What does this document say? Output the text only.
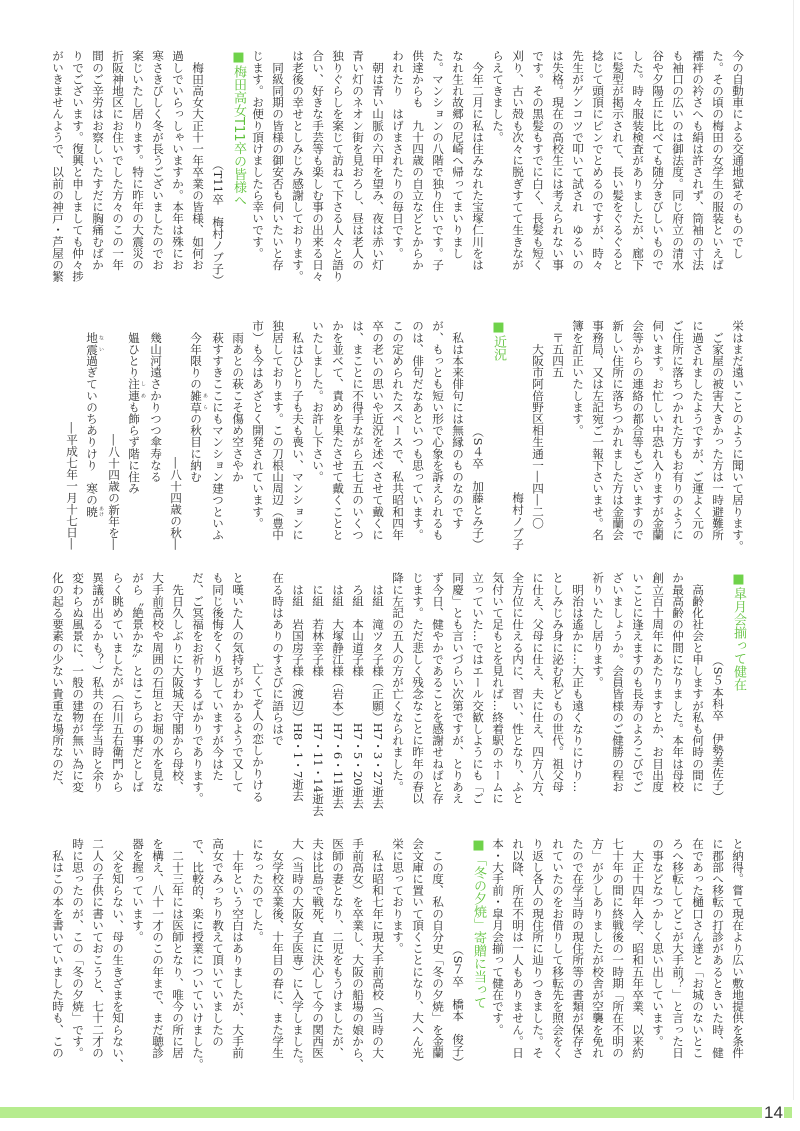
今の自動車による交通地獄そのものでし
た。その頃の梅田の女学生の服装といえば
襦袢の衿さへも絹は許されず、筒袖の寸法
も袖口の広いのは御法度。同じ府立の清水
谷や夕陽丘に比べても随分きびしいもので
した。時々服装検査がありましたが、廊下
に髪型が掲示されて、長い髪をぐるぐると
捻じて頭頂にピンでとめるのですが、時々
先生がゲンコツで叩いて試され　ゆるいの
は失格。現在の高校生には考えられない事
です。その黒髪もすでに白く、長髪も短く
刈り、古い殻も次々に脱ぎすてて生きなが
らえてきました。
　今年二月に私は住みなれた宝塚仁川をは
なれ生れ故郷の尼崎へ帰ってまいりまし
た。マンションの八階で独り住いです。子
供達からも　九十四歳の自立などとからか
われたり　はげまされたりの毎日です。
　朝は青い山脈の六甲を望み、夜は赤い灯
青い灯のネオン街を見おろし、昼は老人の
独りぐらしを案じて訪ねて下さる人々と語り
合い、好きな手芸等も楽しむ事の出来る日々
は老後の幸せとしみじみ感謝しております。
　同級同期の皆様の御安否も伺いたいと存
じます。お便り頂けましたら幸いです。
■梅田高女T11卒の皆様へ
（T11卒　梅村ノブ子）　　
　梅田高女大正十一年卒業の皆様、如何お
過しでいらっしゃいますか。本年は殊にお
寒さきびしく冬が長うございましたのでお
案じいたし居ります。特に昨年の大震災の
折阪神地区にお住いでした方々のこの一年
間のご辛労はお察しいたすだに胸痛むばか
りでございます。復興と申しましても仲々捗
がいきませんようで、以前の神戸・芦屋の繁
栄はまだ遠いことのように聞いて居ります。
　ご家屋の被害大きかった方は一時避難所
に過されましたようですが、ご運よく元の
ご住所に落ちつかれた方もお有りのように
伺います。お忙しい中恐れ入りますが金蘭
会等からの連絡の都合等もございますので
新しい住所に落ちつかれました方は金蘭会
事務局、又は左記宛ご一報下さいませ。名
簿を訂正いたします。
　〒五四五
　　大阪市阿倍野区相生通一―四―二〇
梅村ノブ子　
■近況
（S４卒　加藤とみ子）
　私は本来俳句には無縁のものなのです
が、もっとも短い形で心象を訴えられるも
のは、俳句だなあといつも思っています。
この定められたスペースで、私共昭和四年
卒の老いの思いや近況を述べさせて戴くに
は、まことに不得手ながら五七五のいくつ
かを並べて、責めを果たさせて戴くことと
いたしました。お許し下さい。
　私はひとり子も夫も喪い、マンションに
独居しております。この刀根山周辺（豊中
市）も今はあざとく開発されています。
　雨あとの萩こそ傷め空さやか
　萩すすきここにもマンション建つといふ
　今年限りの雑草 あらの秋目に納む
―八十四歳の秋―　　
　幾山河遠さかりつつ傘寿なる
　媼ひとり注連 しめも飾らず階に住み
―八十四歳の新年を―　　
　地震 ない過ぎていのちありけり　寒の暁 あけ
―平成七年一月十七日―　　
■皐月会揃って健在
（S５本科卒　伊勢美佐子）
　高齢化社会と申しますが私も何時の間に
か最高齢の仲間になりました。本年は母校
創立百十周年にあたりますとか、お目出度
いことに逢えますのも長寿のよろこびでご
ざいましょうか。会員皆様のご健勝の程お
祈りいたし居ります。
　明治は遙かに…大正も遠くなりにけり…
としみじみ身に泌む私どもの世代。祖父母
に仕え、父母に仕え、夫に仕え、四方八方、
全方位に仕える内に、習い、性となり、ふと
気付いて足もとを見れば…終着駅のホームに
立っていた…ではエール交歓しようにも「ご
同慶」とも言いづらい次第ですが、とりあえ
ず今日、健やかであることを感謝せねばと存
じます。ただ悲しく残念なことに昨年の春以
降に左記の五人の方が亡くなられました。
　は組　滝ツタ子様（正願）H7・3・27逝去
　ろ組　本山道子様　　　　H7・5・20逝去
　は組　大塚静江様（岩本）H7・6・11逝去
　に組　若林幸子様　　　　H7・11・14逝去
　は組　岩国房子様（渡辺）H8・1・7逝去
在る時はありのすさびに語らはで
亡くてぞ人の恋しかりける　　
と嘆いた人の気持ちがわかるようで又して
も同じ後悔をくり返していますが今はた
だ、ご冥福をお祈りするばかりであります。
　先日久しぶりに大阪城天守閣から母校、
大手前高校や周囲の石垣とお堀の水を見な
がら〝絶景かな〟とはこちらの事だとしば
らく眺めていましたが（石川五右衛門から
異議が出るかも？）私共の在学当時と余り
変わらぬ風景に、一般の建物が無い為に変
化の起る要素の少ない貴重な場所なのだ、
と納得。嘗て現在より広い敷地提供を条件
に郡部へ移転の打診があるときいた時、健
在であった樋口さん達と「お城のないとこ
ろへ移転してどこが大手前？」と言った日
の事などなつかしく思い出しています。
　大正十四年入学、昭和五年卒業、以来約
七十年の間に終戦後の一時期「所在不明の
方」が少しありましたが校舎が空襲を免れ
たので在学当時の現住所等の書類が保存さ
れていたのをお借りして移転先を照会をく
り返し各人の現住所に辿りつきました。そ
れ以降、所在不明は一人もありません。日
本・大手前・皐月会揃って健在です。
■「冬の夕焼」寄贈に当って
（S７卒　橋本　俊子）
　この度、私の自分史「冬の夕焼」を金蘭
会文庫に置いて頂くことになり、大へん光
栄に思っております。
　私は昭和七年に現大手前高校（当時の大
手前高女）を卒業し、大阪の船場の娘から、
医師の妻となり、二児をもうけましたが、
夫は比島で戦死、直に決心して今の関西医
大（当時の大阪女子医専）に入学しました。
　女学校卒業後、十年目の春に、また学生
になったのでした。
　十年という空白はありましたが、大手前
高女でみっちり教えて頂いていましたの
で、比較的、楽に授業についていけました。
　二十三年には医師となり、唯今の所に居
を構え、八十一才のこの年まで、まだ聴診
器を握っています。
　父を知らない、母の生きざまを知らない、
二人の子供に書いておこうと、七十二才の
時に思ったのが、この「冬の夕焼」です。
　私はこの本を書いていました時も、この
14
